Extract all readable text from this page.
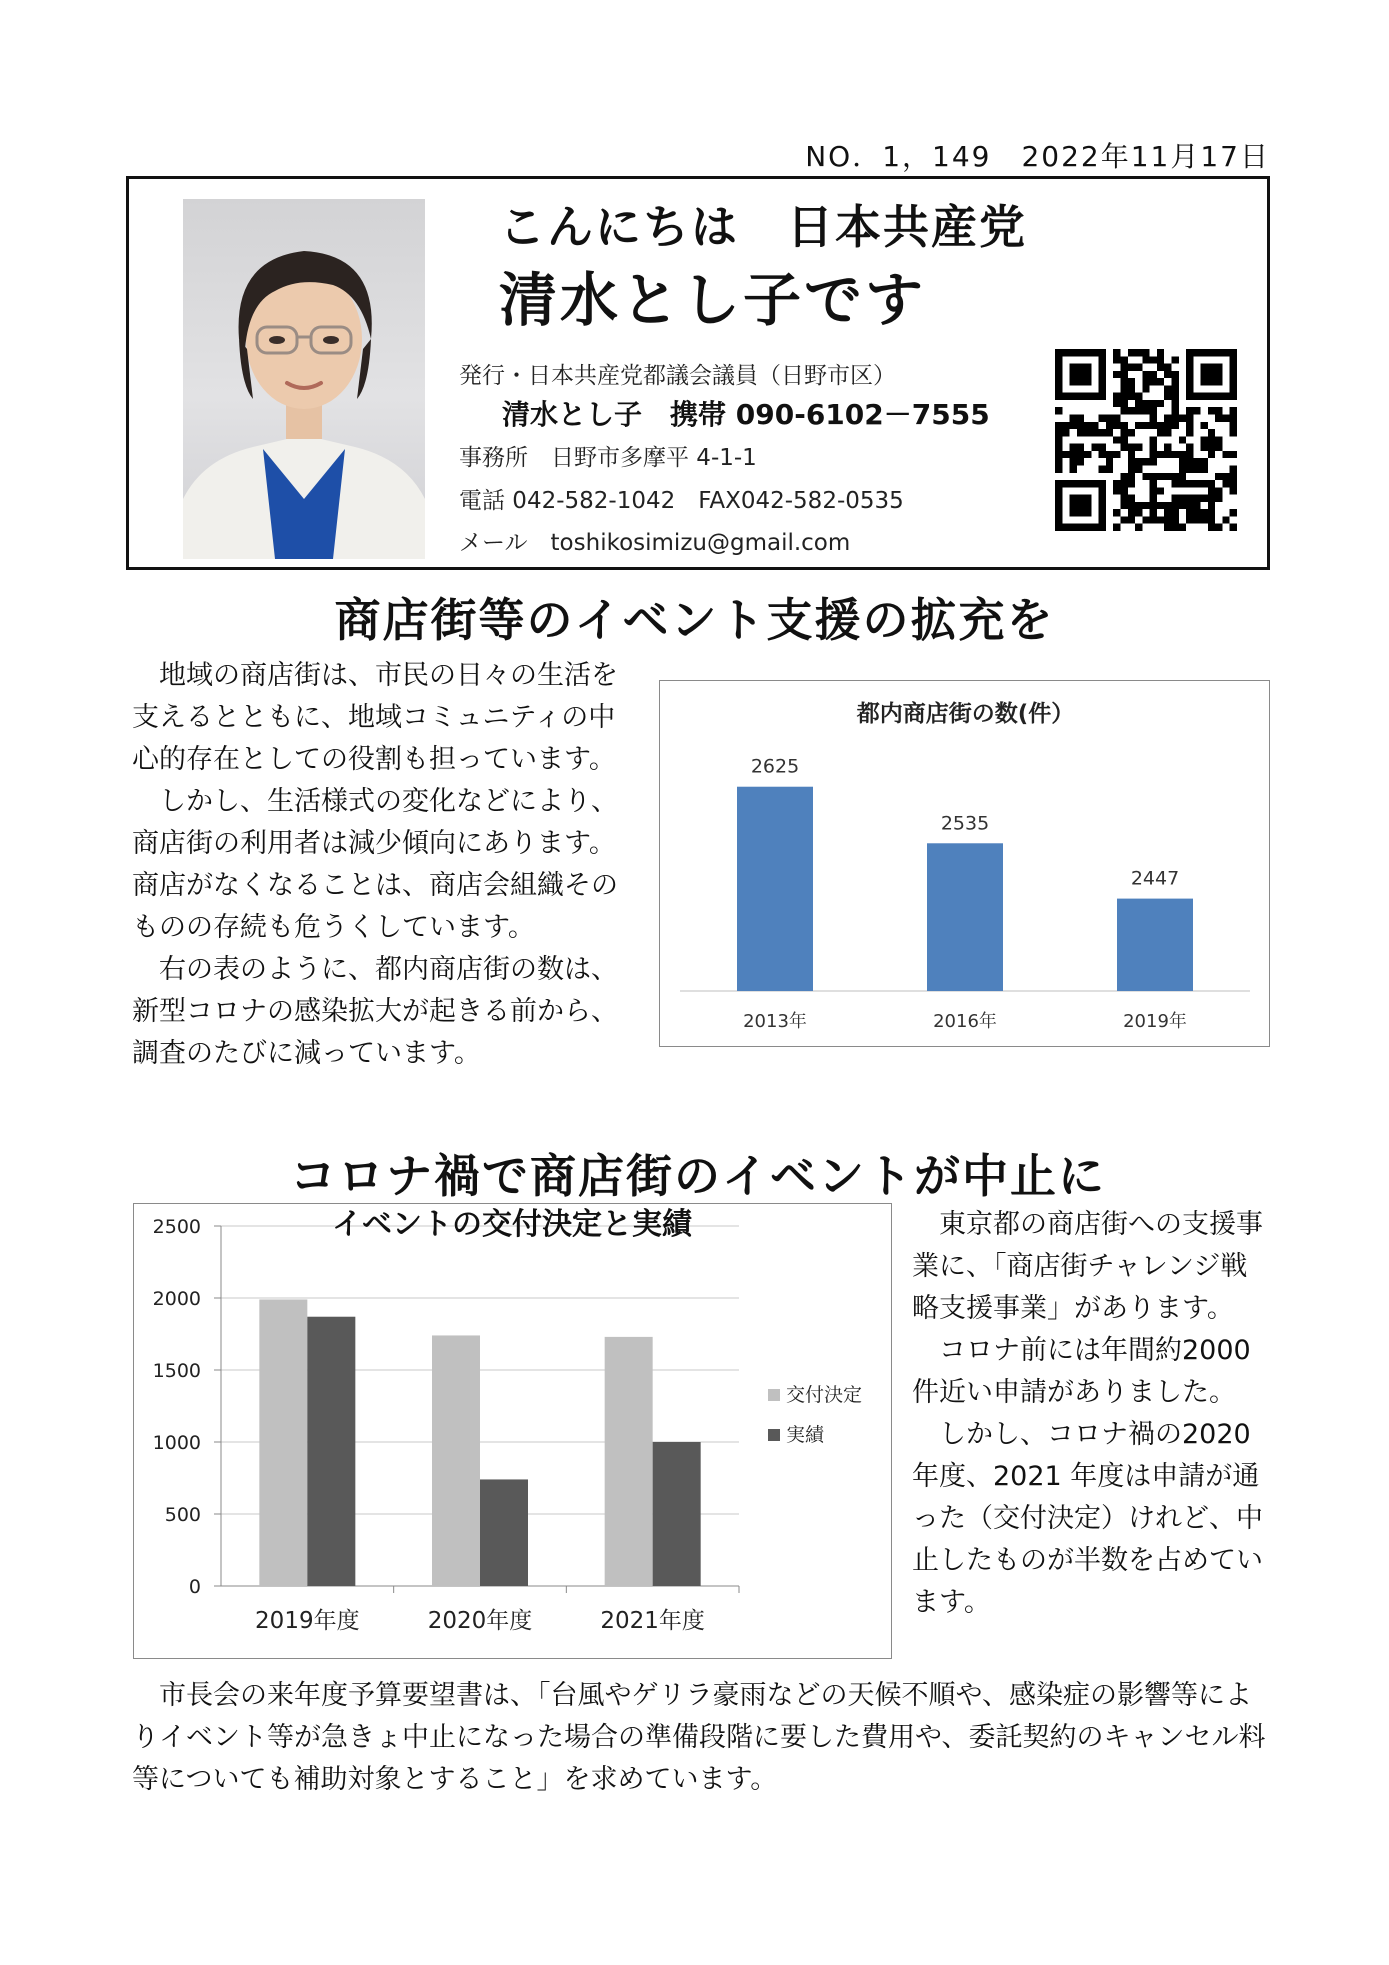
NO．1，149　2022年11月17日
こんにちは　日本共産党
清水とし子です
発行・日本共産党都議会議員（日野市区）
清水とし子　携帯 090-6102－7555
事務所　日野市多摩平 4-1-1
電話 042-582-1042　FAX042-582-0535
メール　toshikosimizu@gmail.com
商店街等のイベント支援の拡充を

　地域の商店街は、市民の日々の生活を支えるとともに、地域コミュニティの中心的存在としての役割も担っています。

　しかし、生活様式の変化などにより、商店街の利用者は減少傾向にあります。商店がなくなることは、商店会組織そのものの存続も危うくしています。

　右の表のように、都内商店街の数は、新型コロナの感染拡大が起きる前から、調査のたびに減っています。

都内商店街の数(件）
2625
2013年
2535
2016年
2447
2019年
コロナ禍で商店街のイベントが中止に
0
500
1000
1500
2000
2500	イベントの交付決定と実績
2019年度	2020年度	2021年度
交付決定
実績

　東京都の商店街への支援事業に、「商店街チャレンジ戦略支援事業」があります。

　コロナ前には年間約2000 件近い申請がありました。

　しかし、コロナ禍の2020 年度、2021 年度は申請が通った（交付決定）けれど、中止したものが半数を占めています。

　市長会の来年度予算要望書は、「台風やゲリラ豪雨などの天候不順や、感染症の影響等によりイベント等が急きょ中止になった場合の準備段階に要した費用や、委託契約のキャンセル料等についても補助対象とすること」を求めています。
